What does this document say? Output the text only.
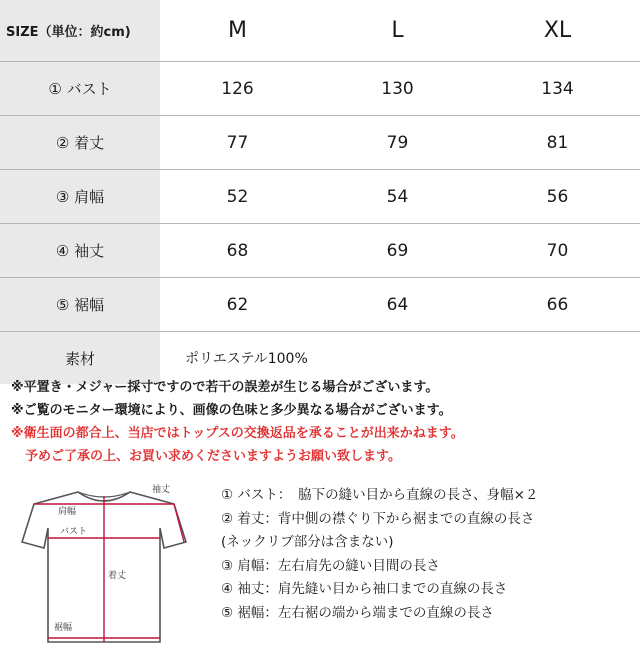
SIZE（単位：約cm)	M	L	XL
① バスト	126	130	134
② 着丈	77	79	81
③ 肩幅	52	54	56
④ 袖丈	68	69	70
⑤ 裾幅	62	64	66
素材	ポリエステル100%
※平置き・メジャー採寸ですので若干の誤差が生じる場合がございます。
※ご覧のモニター環境により、画像の色味と多少異なる場合がございます。
※衛生面の都合上、当店ではトップスの交換返品を承ることが出来かねます。
予めご了承の上、お買い求めくださいますようお願い致します。
袖丈
肩幅
バスト
着丈
裾幅
① バスト：　脇下の縫い目から直線の長さ、身幅×２
② 着丈：背中側の襟ぐり下から裾までの直線の長さ
(ネックリブ部分は含まない)
③ 肩幅：左右肩先の縫い目間の長さ
④ 袖丈：肩先縫い目から袖口までの直線の長さ
⑤ 裾幅：左右裾の端から端までの直線の長さ
